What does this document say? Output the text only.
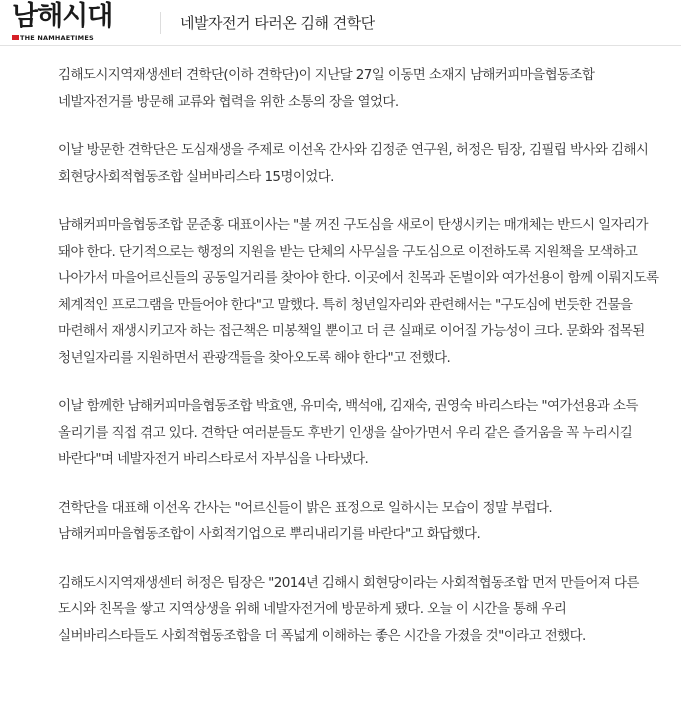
남해시대
THE NAMHAETIMES
네발자전거 타러온 김해 견학단

김해도시지역재생센터 견학단(이하 견학단)이 지난달 27일 이동면 소재지 남해커피마을협동조합 네발자전거를 방문해 교류와 협력을 위한 소통의 장을 열었다.

이날 방문한 견학단은 도심재생을 주제로 이선옥 간사와 김정준 연구원, 허정은 팀장, 김필립 박사와 김해시 회현당사회적협동조합 실버바리스타 15명이었다.

남해커피마을협동조합 문준홍 대표이사는 "불 꺼진 구도심을 새로이 탄생시키는 매개체는 반드시 일자리가 돼야 한다. 단기적으로는 행정의 지원을 받는 단체의 사무실을 구도심으로 이전하도록 지원책을 모색하고 나아가서 마을어르신들의 공동일거리를 찾아야 한다. 이곳에서 친목과 돈벌이와 여가선용이 함께 이뤄지도록 체계적인 프로그램을 만들어야 한다"고 말했다. 특히 청년일자리와 관련해서는 "구도심에 번듯한 건물을 마련해서 재생시키고자 하는 접근책은 미봉책일 뿐이고 더 큰 실패로 이어질 가능성이 크다. 문화와 접목된 청년일자리를 지원하면서 관광객들을 찾아오도록 해야 한다"고 전했다.

이날 함께한 남해커피마을협동조합 박효앤, 유미숙, 백석애, 김재숙, 권영숙 바리스타는 "여가선용과 소득 올리기를 직접 겪고 있다. 견학단 여러분들도 후반기 인생을 살아가면서 우리 같은 즐거움을 꼭 누리시길 바란다"며 네발자전거 바리스타로서 자부심을 나타냈다.

견학단을 대표해 이선옥 간사는 "어르신들이 밝은 표정으로 일하시는 모습이 정말 부럽다. 남해커피마을협동조합이 사회적기업으로 뿌리내리기를 바란다"고 화답했다.

김해도시지역재생센터 허정은 팀장은 "2014년 김해시 회현당이라는 사회적협동조합 먼저 만들어져 다른 도시와 친목을 쌓고 지역상생을 위해 네발자전거에 방문하게 됐다. 오늘 이 시간을 통해 우리 실버바리스타들도 사회적협동조합을 더 폭넓게 이해하는 좋은 시간을 가졌을 것"이라고 전했다.
